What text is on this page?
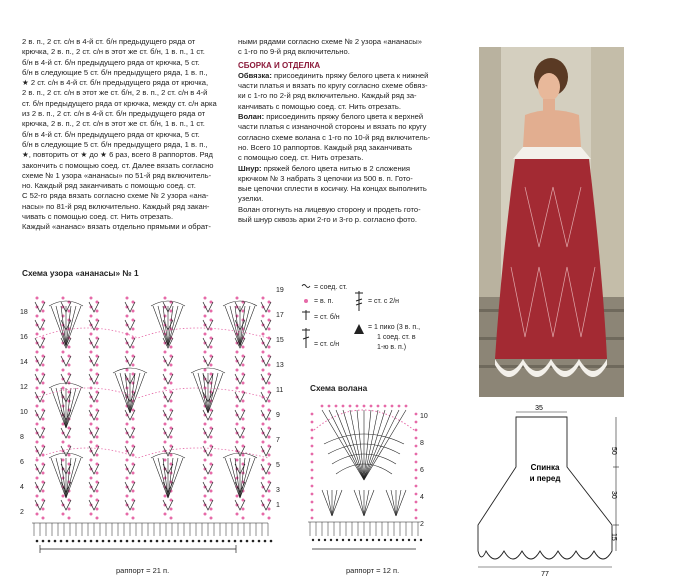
2 в. п., 2 ст. с/н в 4-й ст. б/н предыдущего ряда от

крючка, 2 в. п., 2 ст. с/н в этот же ст. б/н, 1 в. п., 1 ст.

б/н в 4-й ст. б/н предыдущего ряда от крючка, 5 ст.

б/н в следующие 5 ст. б/н предыдущего ряда, 1 в. п.,

★ 2 ст. с/н в 4-й ст. б/н предыдущего ряда от крючка,

2 в. п., 2 ст. с/н в этот же ст. б/н, 2 в. п., 2 ст. с/н в 4-й

ст. б/н предыдущего ряда от крючка, между ст. с/н арка

из 2 в. п., 2 ст. с/н в 4-й ст. б/н предыдущего ряда от

крючка, 2 в. п., 2 ст. с/н в этот же ст. б/н, 1 в. п., 1 ст.

б/н в 4-й ст. б/н предыдущего ряда от крючка, 5 ст.

б/н в следующие 5 ст. б/н предыдущего ряда, 1 в. п.,

★, повторить от ★ до ★ 6 раз, всего 8 раппортов. Ряд

закончить с помощью соед. ст. Далее вязать согласно

схеме № 1 узора «ананасы» по 51-й ряд включитель-

но. Каждый ряд заканчивать с помощью соед. ст.

С 52-го ряда вязать согласно схеме № 2 узора «ана-

насы» по 81-й ряд включительно. Каждый ряд закан-

чивать с помощью соед. ст. Нить отрезать.

Каждый «ананас» вязать отдельно прямыми и обрат-

ными рядами согласно схеме № 2 узора «ананасы»

с 1-го по 9-й ряд включительно.

СБОРКА И ОТДЕЛКА

Обвязка: присоединить пряжу белого цвета к нижней

части платья и вязать по кругу согласно схеме обвяз-

ки с 1-го по 2-й ряд включительно. Каждый ряд за-

канчивать с помощью соед. ст. Нить отрезать.

Волан: присоединить пряжу белого цвета к верхней

части платья с изнаночной стороны и вязать по кругу

согласно схеме волана с 1-го по 10-й ряд включитель-

но. Всего 10 раппортов. Каждый ряд заканчивать

с помощью соед. ст. Нить отрезать.

Шнур: пряжей белого цвета нитью в 2 сложения

крючком № 3 набрать 3 цепочки из 500 в. п. Гото-

вые цепочки сплести в косичку. На концах выполнить

узелки.

Волан отогнуть на лицевую сторону и продеть гото-

вый шнур сквозь арки 2-го и 3-го р. согласно фото.

Схема узора «ананасы» № 1
18
16
14
12
10
8
6
4
2
19
17
15
13
11
9
7
5
3
1
раппорт = 21 п.
= соед. ст.
= в. п.
= ст. б/н
= ст. с/н
= ст. с 2/н
= 1 пико (3 в. п.,
1 соед. ст. в
1-ю в. п.)
Схема волана
10
8
6
4
2
раппорт = 12 п.
35
77
50
30
15
Спинка
и перед
